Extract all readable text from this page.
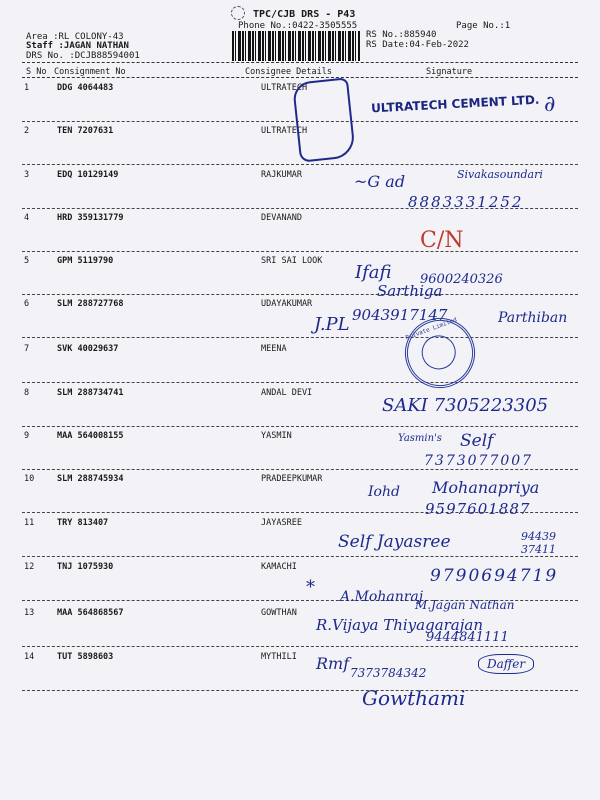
TPC/CJB DRS - P43
Phone No.:0422-3505555
Area :RL COLONY-43
Staff :JAGAN NATHAN
DRS No. :DCJB88594001
RS No.:885940
RS Date:04-Feb-2022
Page No.:1
S No Consignment No	Consignee Details	Signature
1	DDG 4064483	ULTRATECH
2	TEN 7207631	ULTRATECH
3	EDQ 10129149	RAJKUMAR
4	HRD 359131779	DEVANAND
5	GPM 5119790	SRI SAI LOOK
6	SLM 288727768	UDAYAKUMAR
7	SVK 40029637	MEENA
8	SLM 288734741	ANDAL DEVI
9	MAA 564008155	YASMIN
10	SLM 288745934	PRADEEPKUMAR
11	TRY 813407	JAYASREE
12	TNJ 1075930	KAMACHI
13	MAA 564868567	GOWTHAN
14	TUT 5898603	MYTHILI
ULTRATECH CEMENT LTD. ∂
~G ad	Sivakasoundari
8883331252
C/N
Ifafi 9600240326
Sarthiga
J.PL 9043917147	Parthiban
Private Limited
SAKI 7305223305
Yasmin's Self
7373077007
Iohd Mohanapriya
9597601887
Self Jayasree	94439 37411
*
9790694719
A.Mohanraj
M.Jagan Nathan
R.Vijaya Thiyagarajan
9444841111
Rmf 7373784342
Daffer
Gowthami
